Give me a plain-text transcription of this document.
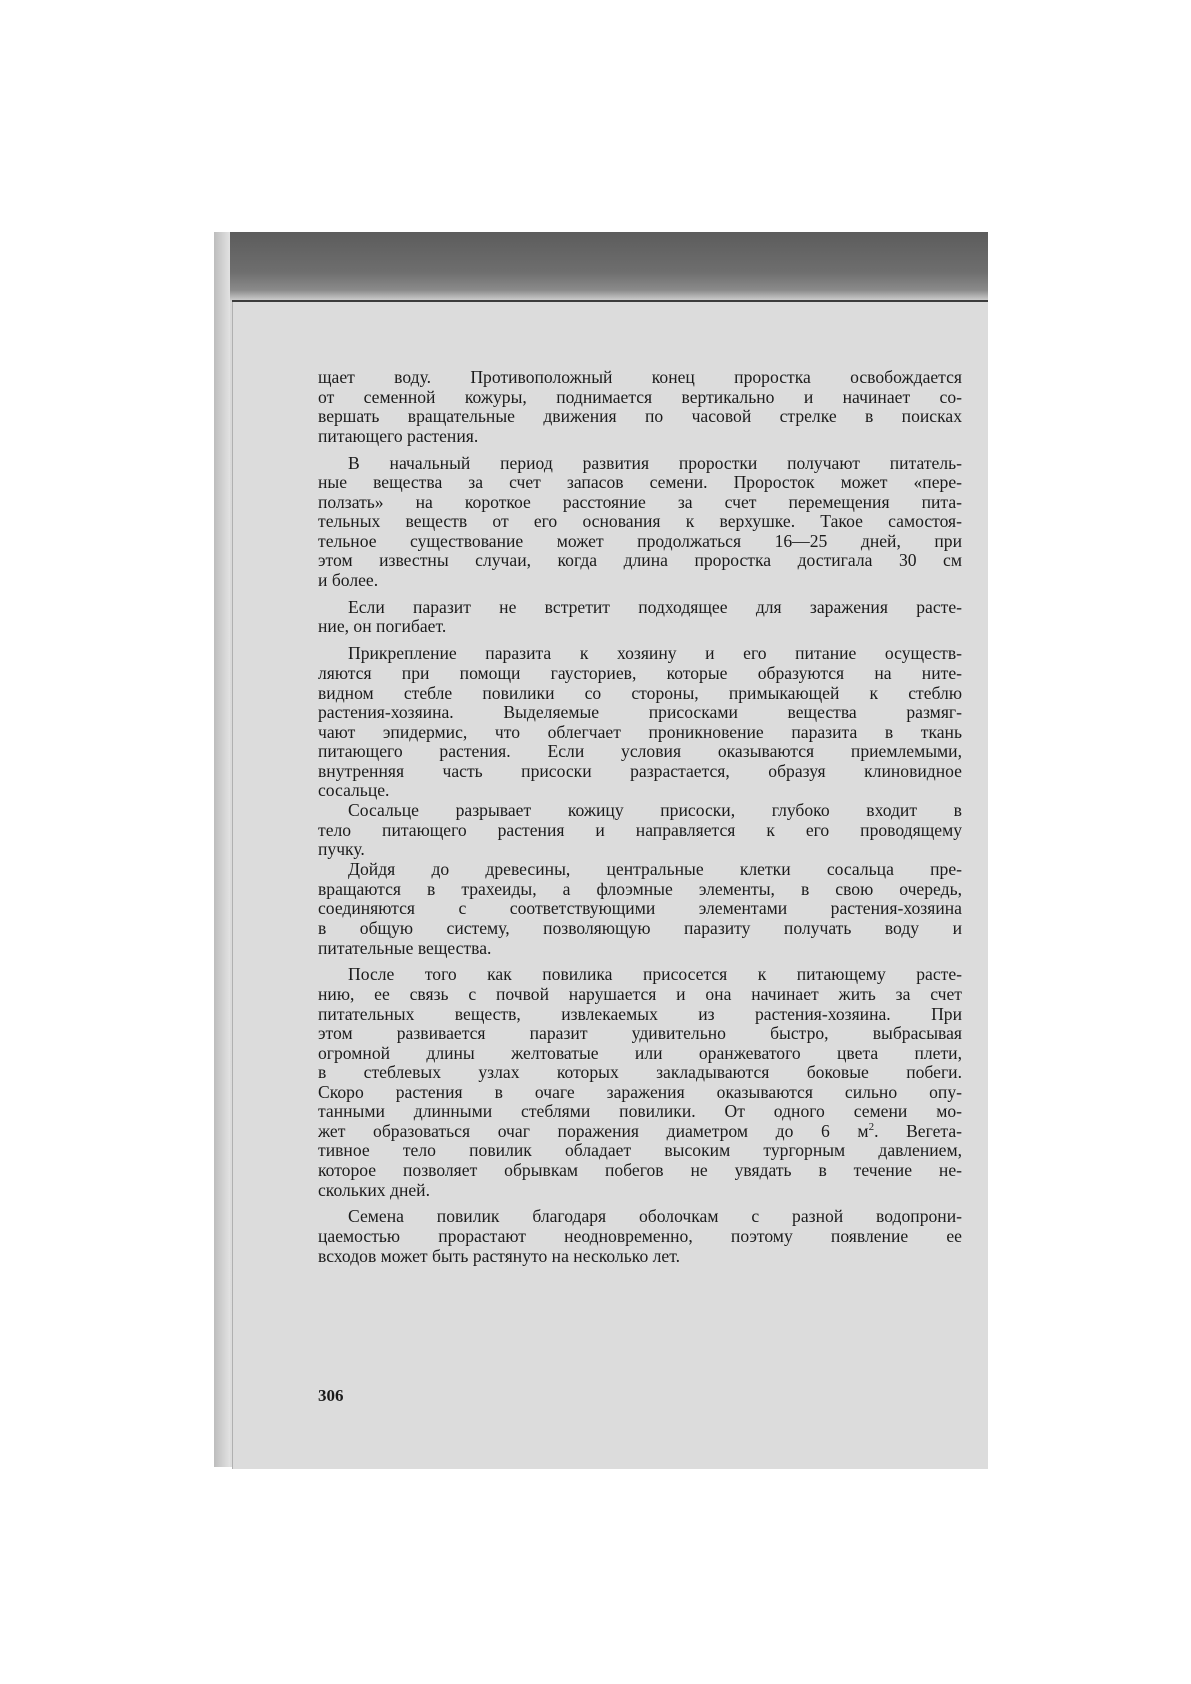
щает воду. Противоположный конец проростка освобождается
от семенной кожуры, поднимается вертикально и начинает со-
вершать вращательные движения по часовой стрелке в поисках
питающего растения.
В начальный период развития проростки получают питатель-
ные вещества за счет запасов семени. Проросток может «пере-
ползать» на короткое расстояние за счет перемещения пита-
тельных веществ от его основания к верхушке. Такое самостоя-
тельное существование может продолжаться 16—25 дней, при
этом известны случаи, когда длина проростка достигала 30 см
и более.
Если паразит не встретит подходящее для заражения расте-
ние, он погибает.
Прикрепление паразита к хозяину и его питание осуществ-
ляются при помощи гаусториев, которые образуются на ните-
видном стебле повилики со стороны, примыкающей к стеблю
растения-хозяина. Выделяемые присосками вещества размяг-
чают эпидермис, что облегчает проникновение паразита в ткань
питающего растения. Если условия оказываются приемлемыми,
внутренняя часть присоски разрастается, образуя клиновидное
сосальце.
Сосальце разрывает кожицу присоски, глубоко входит в
тело питающего растения и направляется к его проводящему
пучку.
Дойдя до древесины, центральные клетки сосальца пре-
вращаются в трахеиды, а флоэмные элементы, в свою очередь,
соединяются с соответствующими элементами растения-хозяина
в общую систему, позволяющую паразиту получать воду и
питательные вещества.
После того как повилика присосется к питающему расте-
нию, ее связь с почвой нарушается и она начинает жить за счет
питательных веществ, извлекаемых из растения-хозяина. При
этом развивается паразит удивительно быстро, выбрасывая
огромной длины желтоватые или оранжеватого цвета плети,
в стеблевых узлах которых закладываются боковые побеги.
Скоро растения в очаге заражения оказываются сильно опу-
танными длинными стеблями повилики. От одного семени мо-
жет образоваться очаг поражения диаметром до 6 $м^2$. Вегета-
тивное тело повилик обладает высоким тургорным давлением,
которое позволяет обрывкам побегов не увядать в течение не-
скольких дней.
Семена повилик благодаря оболочкам с разной водопрони-
цаемостью прорастают неодновременно, поэтому появление ее
всходов может быть растянуто на несколько лет.
306
